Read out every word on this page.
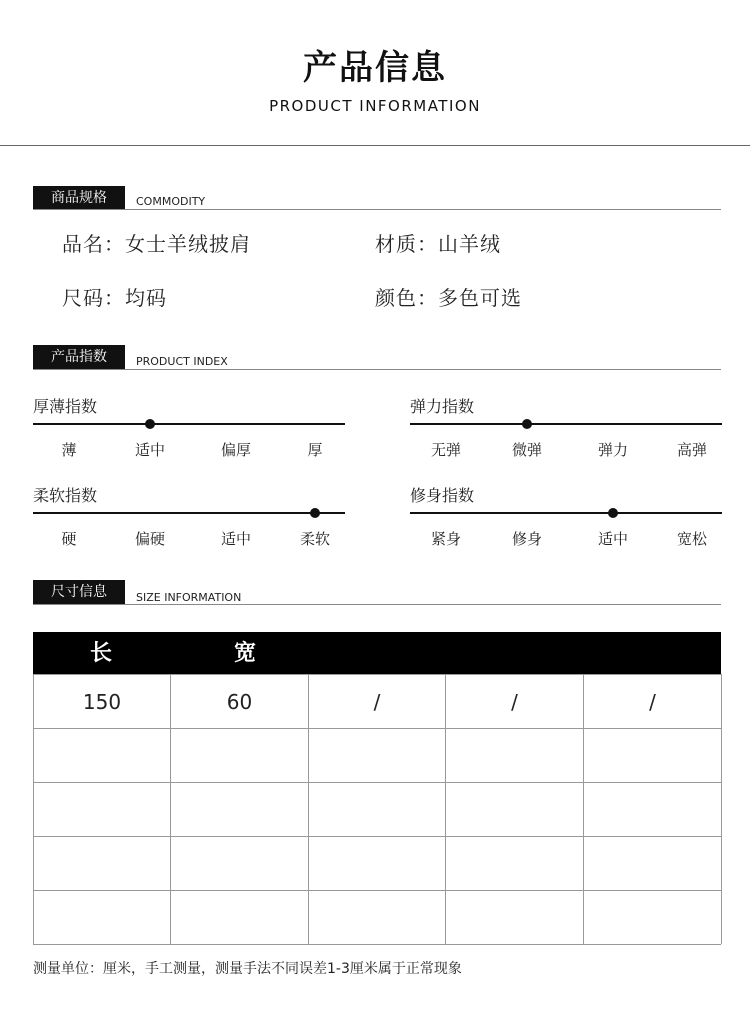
产品信息
PRODUCT INFORMATION
商品规格	COMMODITY
品名：女士羊绒披肩	材质：山羊绒
尺码：均码	颜色：多色可选
产品指数	PRODUCT INDEX
厚薄指数
薄	适中	偏厚	厚
弹力指数
无弹	微弹	弹力	高弹
柔软指数
硬	偏硬	适中	柔软
修身指数
紧身	修身	适中	宽松
尺寸信息	SIZE INFORMATION
长	宽
150	60	/	/	/
测量单位：厘米，手工测量，测量手法不同误差1-3厘米属于正常现象
